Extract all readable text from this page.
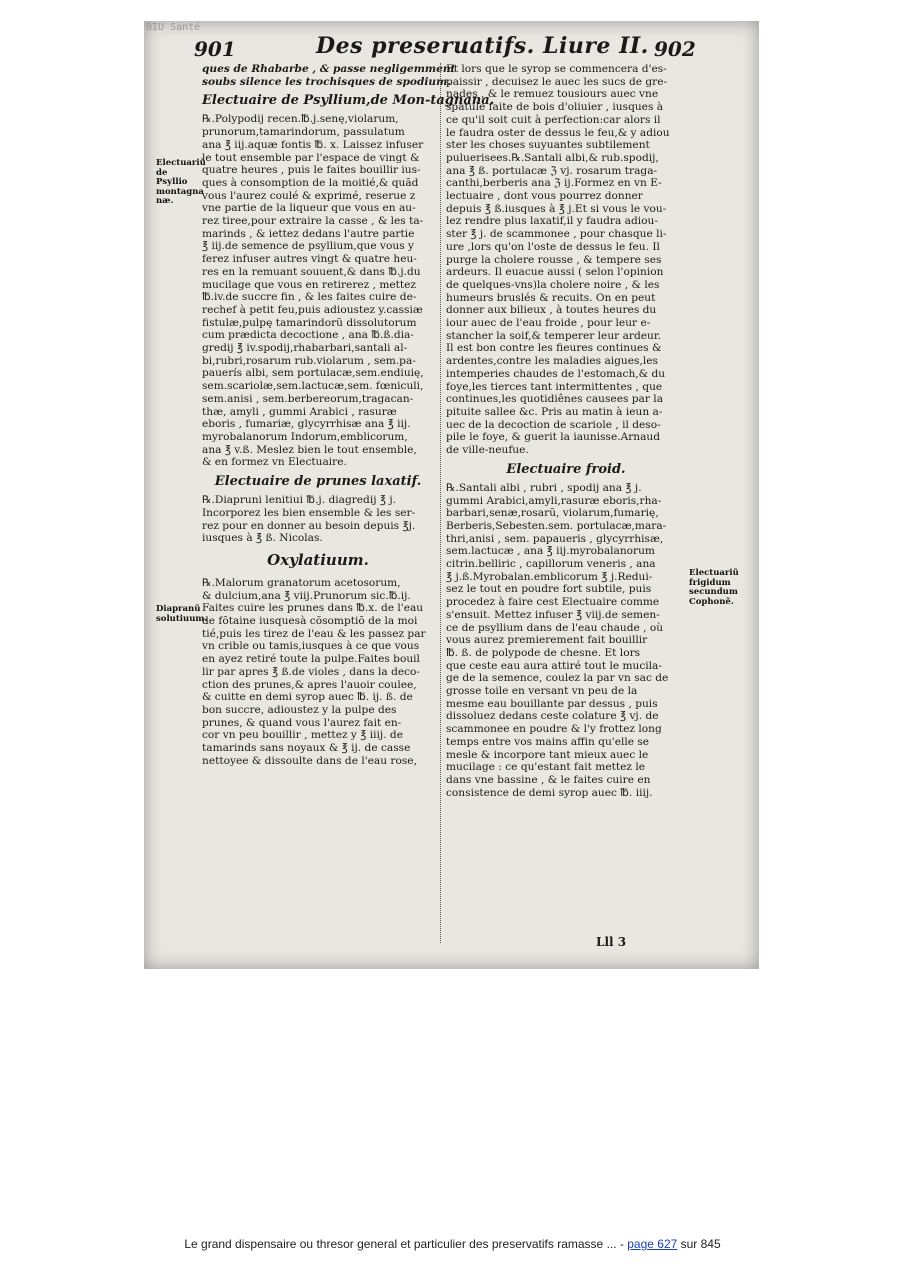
BIU Santé
901	Des preseruatifs. Liure II. 902
ques de Rhabarbe , & passe negligemment
soubs silence les trochisques de spodium.
Electuaire de Psyllium,de Mon-tagnana.
℞.Polypodij recen.℔.j.senę,violarum,
prunorum,tamarindorum, passulatum
ana ℥ iij.aquæ fontis ℔. x. Laissez infuser
le tout ensemble par l'espace de vingt &
quatre heures , puis le faites bouillir ius-
ques à consomption de la moitié,& quãd
vous l'aurez coulé & exprimé, reserue z
vne partie de la liqueur que vous en au-
rez tiree,pour extraire la casse , & les ta-
marinds , & iettez dedans l'autre partie
℥ iij.de semence de psyllium,que vous y
ferez infuser autres vingt & quatre heu-
res en la remuant souuent,& dans ℔.j.du
mucilage que vous en retirerez , mettez
℔.iv.de succre fin , & les faites cuire de-
rechef à petit feu,puis adioustez y.cassiæ
fistulæ,pulpę tamarindorũ dissolutorum
cum prædicta decoctione , ana ℔.ß.dia-
gredij ℥ iv.spodij,rhabarbari,santali al-
bi,rubri,rosarum rub.violarum , sem.pa-
pauerís albi, sem portulacæ,sem.endiuię,
sem.scariolæ,sem.lactucæ,sem. fœniculi,
sem.anisi , sem.berbereorum,tragacan-
thæ, amyli , gummi Arabici , rasuræ
eboris , fumariæ, glycyrrhisæ ana ℥ iij.
myrobalanorum Indorum,emblicorum,
ana ℥ v.ß. Meslez bien le tout ensemble,
& en formez vn Electuaire.
Electuaire de prunes laxatif.
℞.Diapruni lenitiui ℔.j. diagredij ℥ j.
Incorporez les bien ensemble & les ser-
rez pour en donner au besoin depuis ℥j.
iusques à ℥ ß. Nicolas.
Oxylatiuum.
℞.Malorum granatorum acetosorum,
& dulcium,ana ℥ viij.Prunorum sic.℔.ij.
Faites cuire les prunes dans ℔.x. de l'eau
de fõtaine iusquesà cõsomptiõ de la moi
tié,puis les tirez de l'eau & les passez par
vn crible ou tamis,iusques à ce que vous
en ayez retiré toute la pulpe.Faites bouil
lir par apres ℥ ß.de violes , dans la deco-
ction des prunes,& apres l'auoir coulee,
& cuitte en demi syrop auec ℔. ij. ß. de
bon succre, adioustez y la pulpe des
prunes, & quand vous l'aurez fait en-
cor vn peu bouillir , mettez y ℥ iiij. de
tamarinds sans noyaux & ℥ ij. de casse
nettoyee & dissoulte dans de l'eau rose,
Electuariũ de Psyllio montagna næ.
Diapranũ solutiuum.
Et lors que le syrop se commencera d'es-
paissir , decuisez le auec les sucs de gre-
nades , & le remuez tousiours auec vne
spatule faite de bois d'oliuier , iusques à
ce qu'il soit cuit à perfection:car alors il
le faudra oster de dessus le feu,& y adiou
ster les choses suyuantes subtilement
puluerisees.℞.Santali albi,& rub.spodij,
ana ℥ ß. portulacæ ℨ vj. rosarum traga-
canthi,berberis ana ℨ ij.Formez en vn E-
lectuaire , dont vous pourrez donner
depuis ℥ ß.iusques à ℥ j.Et si vous le vou-
lez rendre plus laxatif,il y faudra adiou-
ster ℥ j. de scammonee , pour chasque li-
ure ,lors qu'on l'oste de dessus le feu. Il
purge la cholere rousse , & tempere ses
ardeurs. Il euacue aussi ( selon l'opinion
de quelques-vns)la cholere noire , & les
humeurs bruslés & recuits. On en peut
donner aux bilieux , à toutes heures du
iour auec de l'eau froide , pour leur e-
stancher la soif,& temperer leur ardeur.
Il est bon contre les fieures continues &
ardentes,contre les maladies aigues,les
intemperies chaudes de l'estomach,& du
foye,les tierces tant intermittentes , que
continues,les quotidiênes causees par la
pituite sallee &c. Pris au matin à ieun a-
uec de la decoction de scariole , il desο-
pile le foye, & guerit la iaunisse.Arnaud
de ville-neufue.
Electuaire froid.
℞.Santali albi , rubri , spodij ana ℥ j.
gummi Arabici,amyli,rasuræ eboris,rha-
barbari,senæ,rosarũ, violarum,fumarię,
Berberis,Sebesten.sem. portulacæ,mara-
thri,anisi , sem. papaueris , glycyrrhisæ,
sem.lactucæ , ana ℥ iij.myrobalanorum
citrin.belliric , capillorum veneris , ana
℥ j.ß.Myrobalan.emblicorum ℥ j.Redui-
sez le tout en poudre fort subtile, puis
procedez à faire cest Electuaire comme
s'ensuit. Mettez infuser ℥ viij.de semen-
ce de psyllium dans de l'eau chaude , où
vous aurez premierement fait bouillir
℔. ß. de polypode de chesne. Et lors
que ceste eau aura attiré tout le mucila-
ge de la semence, coulez la par vn sac de
grosse toile en versant vn peu de la
mesme eau bouillante par dessus , puis
dissoluez dedans ceste colature ℥ vj. de
scammonee en poudre & l'y frottez long
temps entre vos mains affin qu'elle se
mesle & incorpore tant mieux auec le
mucilage : ce qu'estant fait mettez le
dans vne bassine , & le faites cuire en
consistence de demi syrop auec ℔. iiij.
Electuariũ frigidum secundum Cophonẽ.
Lll 3
Le grand dispensaire ou thresor general et particulier des preservatifs ramasse ... - page 627 sur 845
